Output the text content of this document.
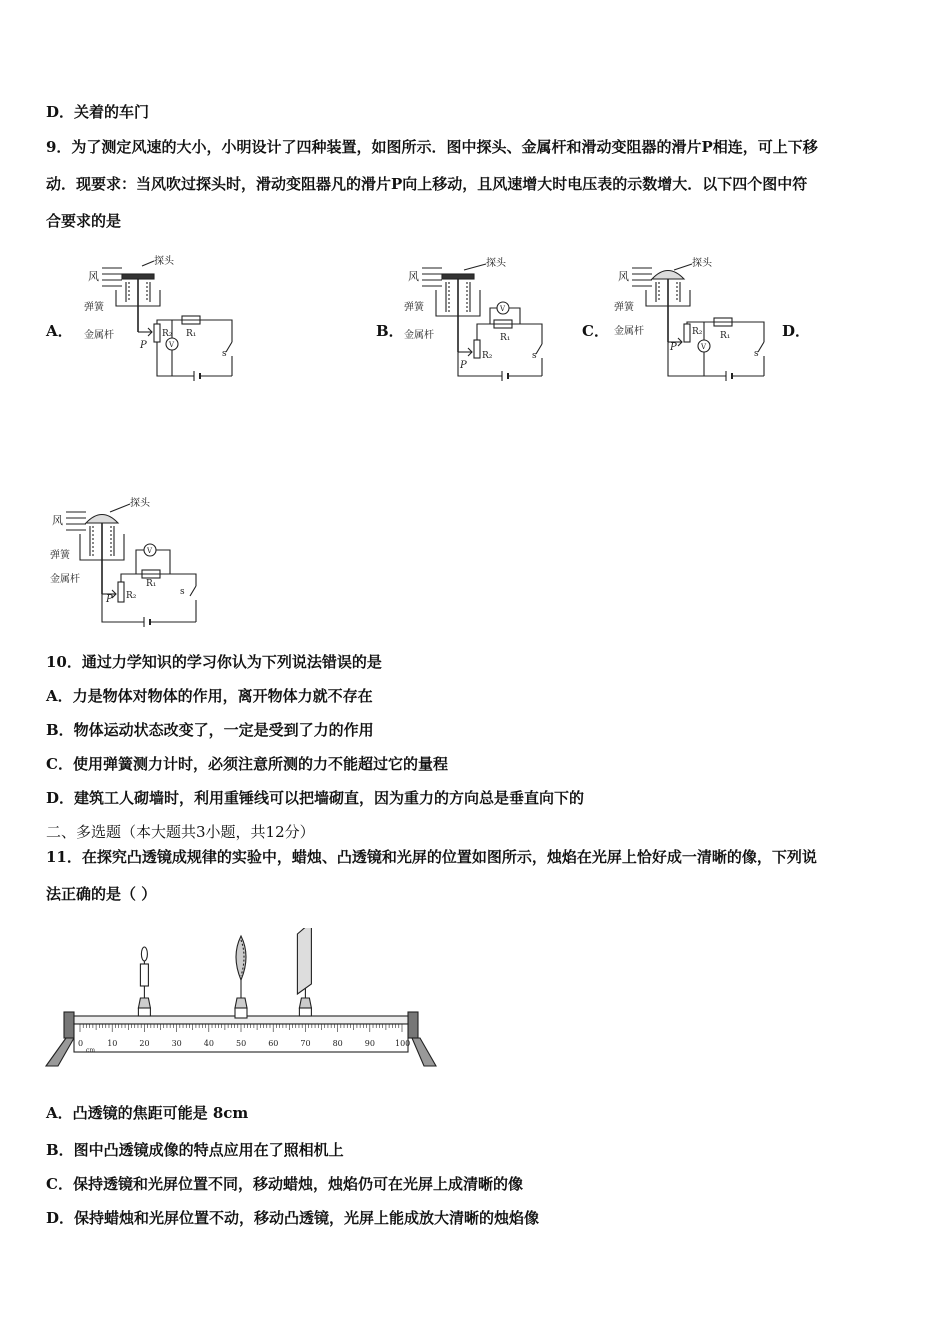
D．关着的车门
9．为了测定风速的大小，小明设计了四种装置，如图所示．图中探头、金属杆和滑动变阻器的滑片P相连，可上下移
动．现要求：当风吹过探头时，滑动变阻器凡的滑片P向上移动，且风速增大时电压表的示数增大．以下四个图中符
合要求的是
A．	B．	C．	D．
风
探头
弹簧
金属杆	R₂
P
R₁
V
s
风
探头
弹簧
金属杆
R₂
P
R₁
V
s
风
探头
弹簧
金属杆	R₂
P
R₁
V
s
风
探头
弹簧
金属杆
R₂
P
R₁
V
s
10．通过力学知识的学习你认为下列说法错误的是
A．力是物体对物体的作用，离开物体力就不存在
B．物体运动状态改变了，一定是受到了力的作用
C．使用弹簧测力计时，必须注意所测的力不能超过它的量程
D．建筑工人砌墙时，利用重锤线可以把墙砌直，因为重力的方向总是垂直向下的
二、多选题（本大题共3小题，共12分）
11．在探究凸透镜成规律的实验中，蜡烛、凸透镜和光屏的位置如图所示，烛焰在光屏上恰好成一清晰的像，下列说
法正确的是（ ）
cm
0	10	20	30	40	50	60	70	80	90	100
A．凸透镜的焦距可能是 8cm
B．图中凸透镜成像的特点应用在了照相机上
C．保持透镜和光屏位置不同，移动蜡烛，烛焰仍可在光屏上成清晰的像
D．保持蜡烛和光屏位置不动，移动凸透镜，光屏上能成放大清晰的烛焰像
